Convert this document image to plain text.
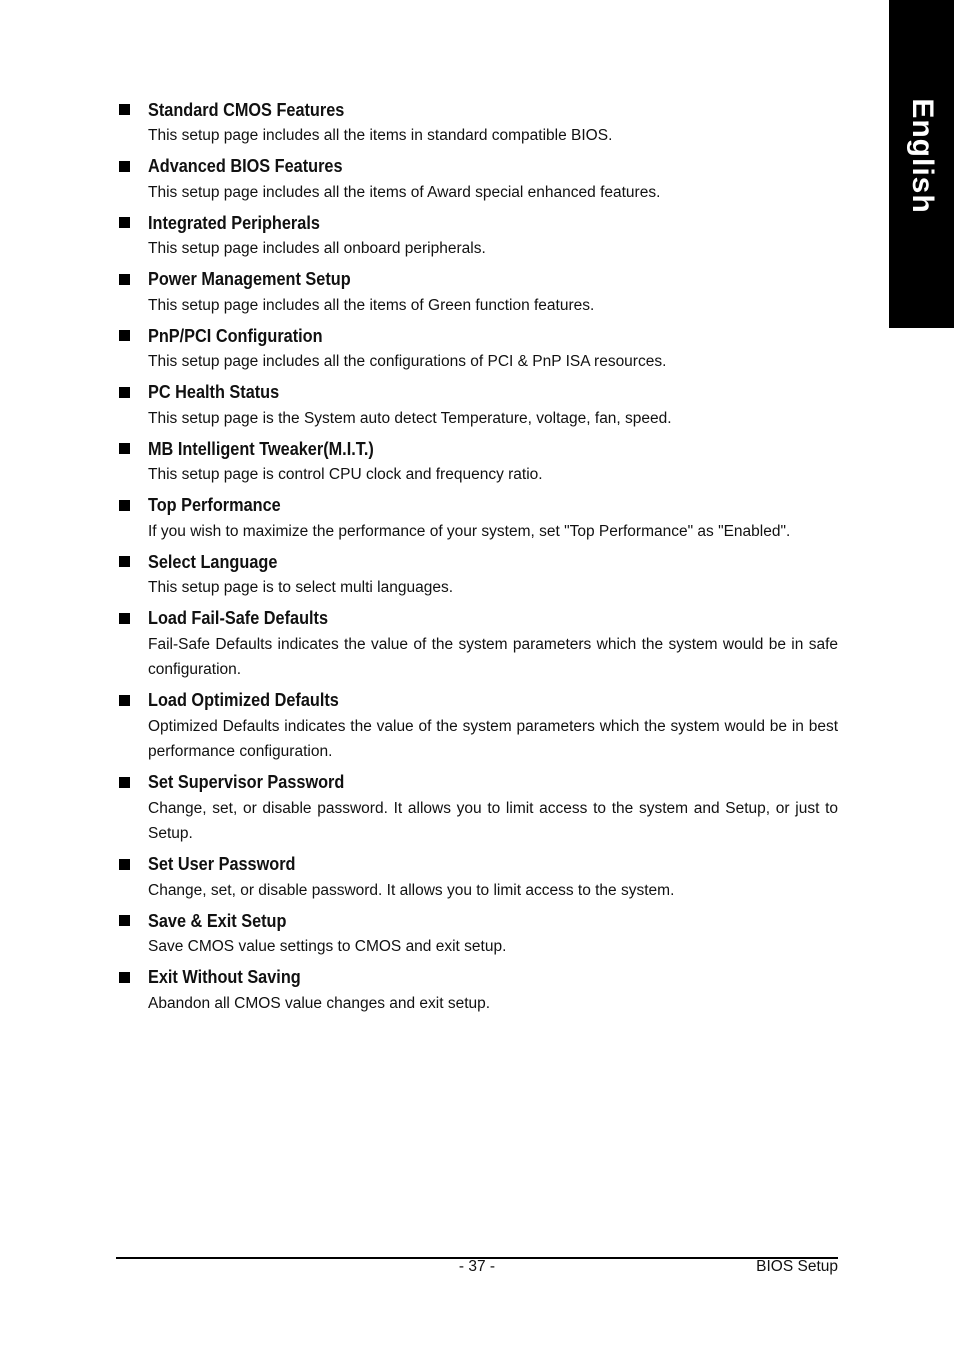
English
Standard CMOS Features
This setup page includes all the items in standard compatible BIOS.
Advanced BIOS Features
This setup page includes all the items of Award special enhanced features.
Integrated Peripherals
This setup page includes all onboard peripherals.
Power Management Setup
This setup page includes all the items of Green function features.
PnP/PCI Configuration
This setup page includes all the configurations of PCI & PnP ISA resources.
PC Health Status
This setup page is the System auto detect Temperature, voltage, fan, speed.
MB Intelligent Tweaker(M.I.T.)
This setup page is control CPU clock and frequency ratio.
Top Performance
If you wish to maximize the performance of your system, set "Top Performance" as "Enabled".
Select Language
This setup page is to select multi languages.
Load Fail-Safe Defaults
Fail-Safe Defaults indicates the value of the system parameters which the system would be in safe configuration.
Load Optimized Defaults
Optimized Defaults indicates the value of the system parameters which the system would be in best performance configuration.
Set Supervisor Password
Change, set, or disable password. It allows you to limit access to the system and Setup, or just to Setup.
Set User Password
Change, set, or disable password. It allows you to limit access to the system.
Save & Exit Setup
Save CMOS value settings to CMOS and exit setup.
Exit Without Saving
Abandon all CMOS value changes and exit setup.
- 37 -	BIOS Setup
